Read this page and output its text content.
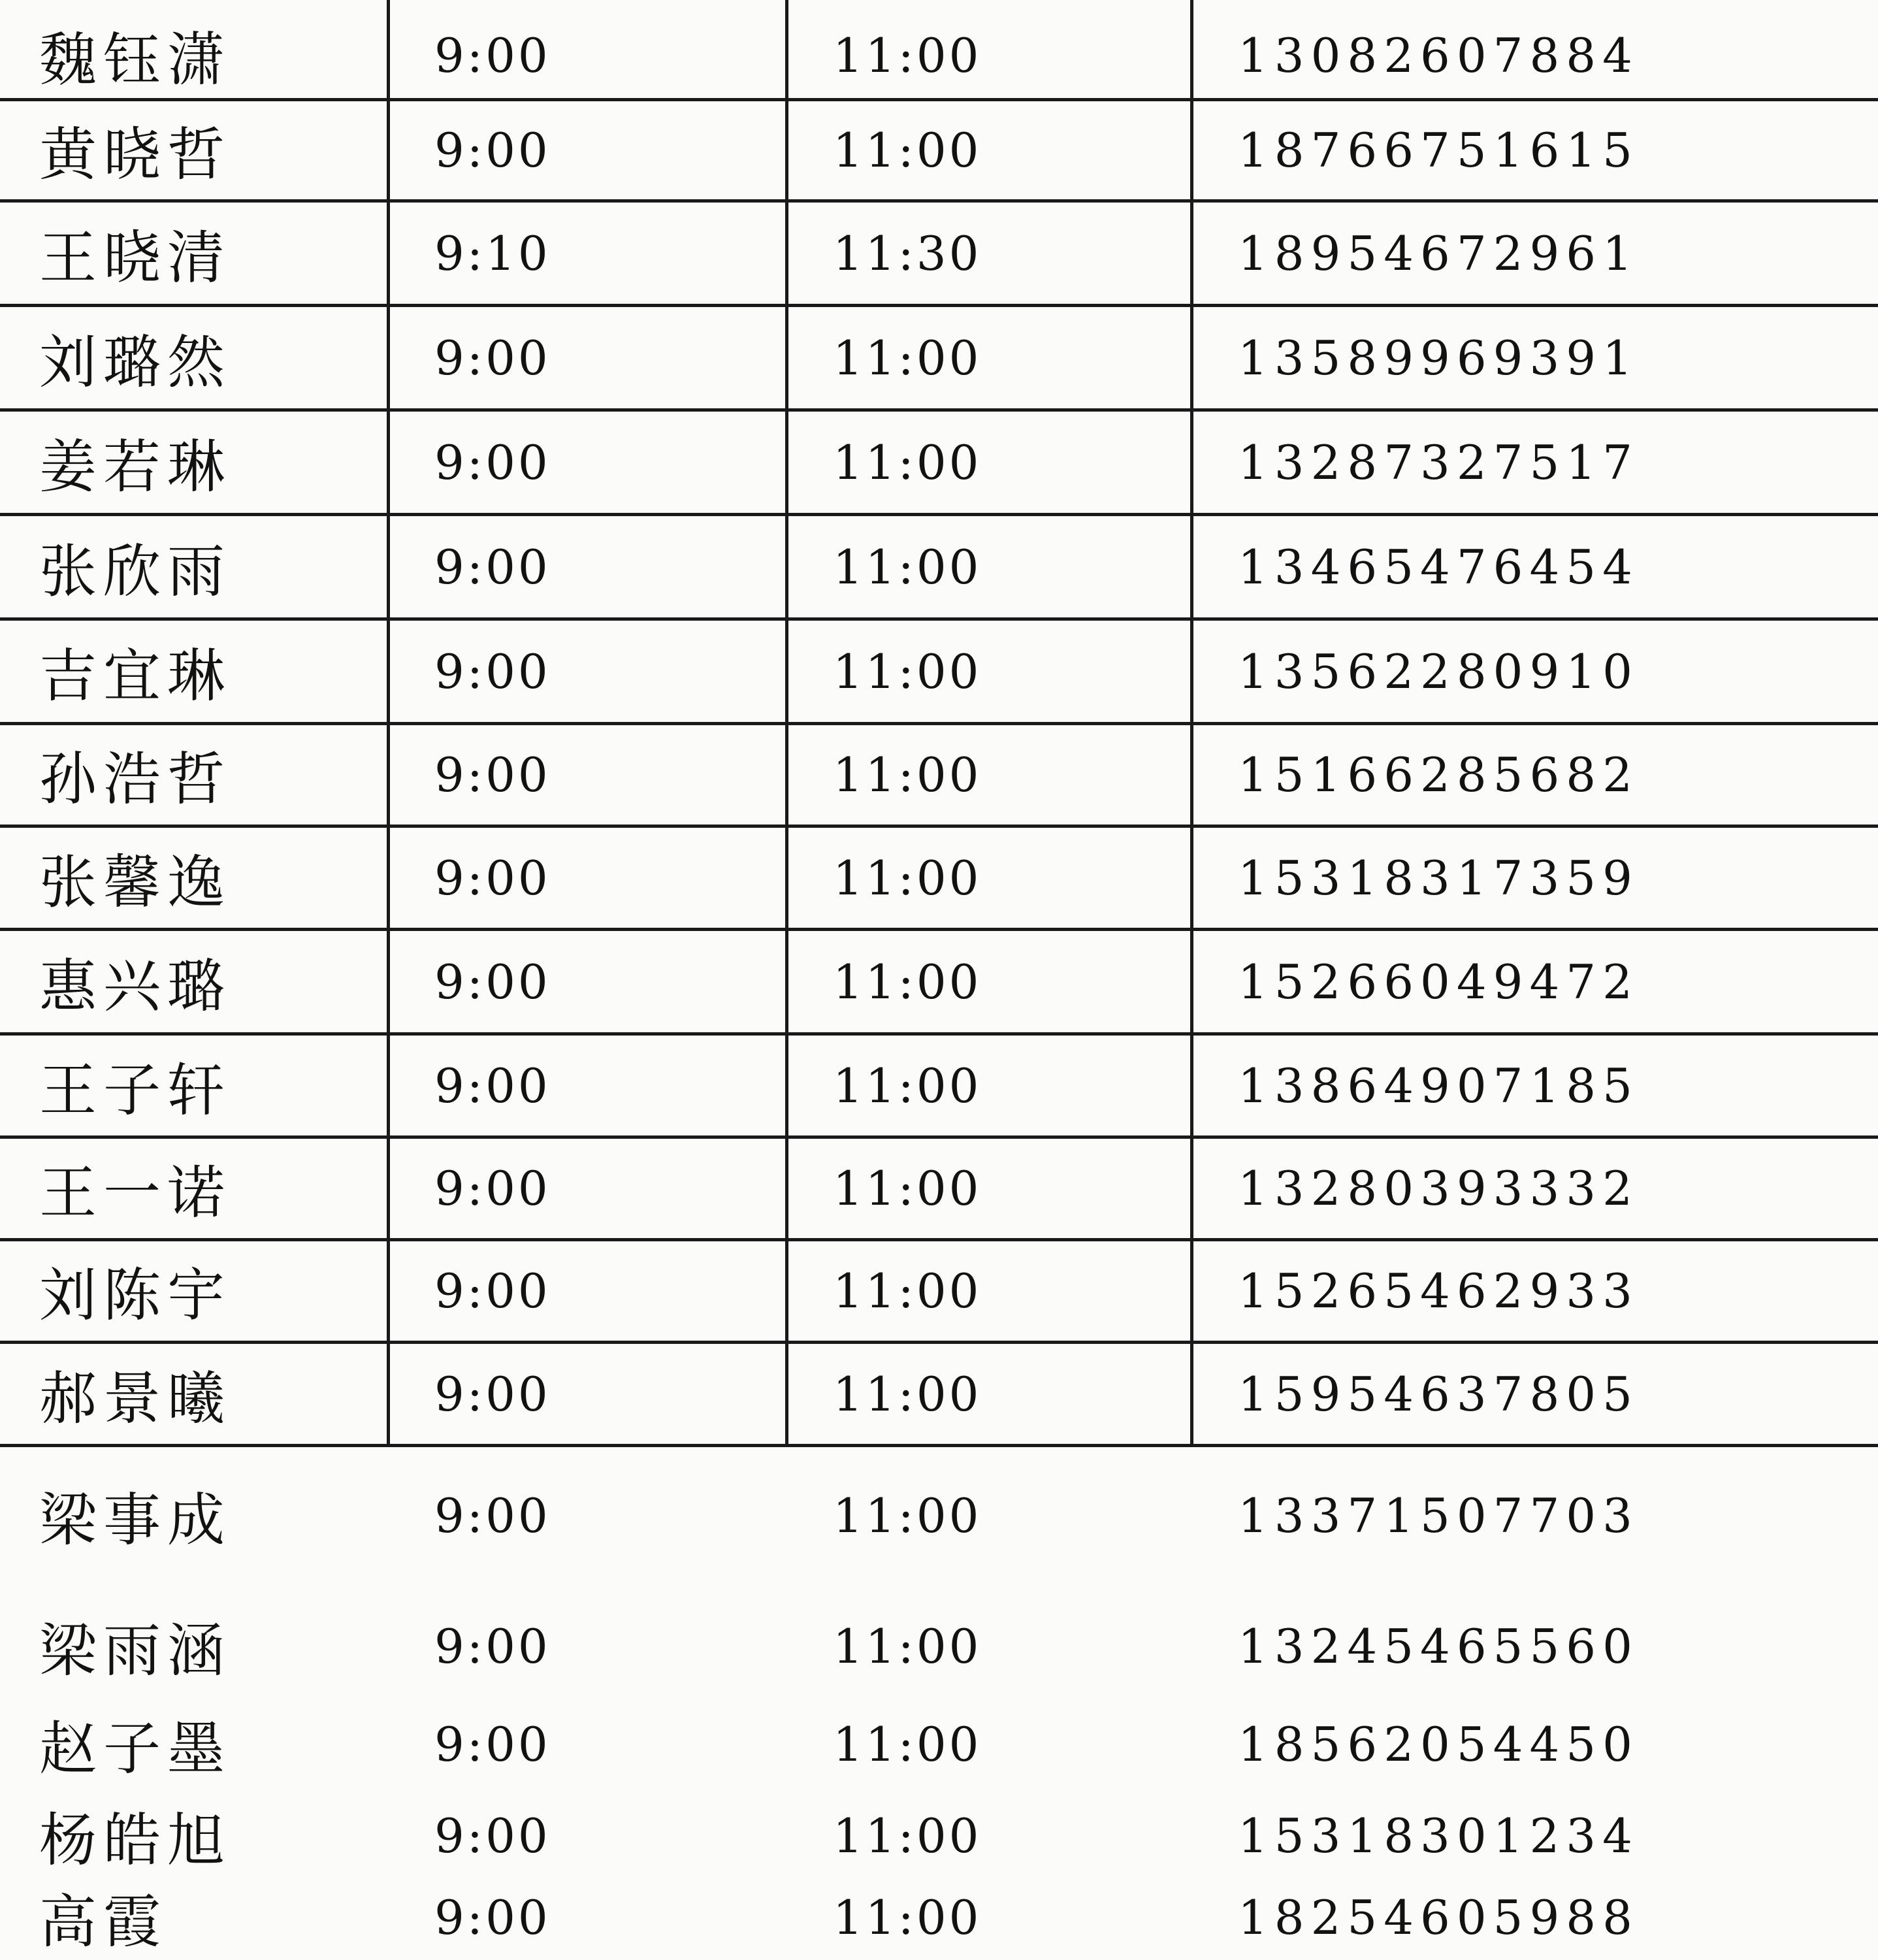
魏钰潇	9:00	11:00	13082607884
黄晓哲	9:00	11:00	18766751615
王晓清	9:10	11:30	18954672961
刘璐然	9:00	11:00	13589969391
姜若琳	9:00	11:00	13287327517
张欣雨	9:00	11:00	13465476454
吉宜琳	9:00	11:00	13562280910
孙浩哲	9:00	11:00	15166285682
张馨逸	9:00	11:00	15318317359
惠兴璐	9:00	11:00	15266049472
王子轩	9:00	11:00	13864907185
王一诺	9:00	11:00	13280393332
刘陈宇	9:00	11:00	15265462933
郝景曦	9:00	11:00	15954637805
梁事成	9:00	11:00	13371507703
梁雨涵	9:00	11:00	13245465560
赵子墨	9:00	11:00	18562054450
杨皓旭	9:00	11:00	15318301234
高霞	9:00	11:00	18254605988
